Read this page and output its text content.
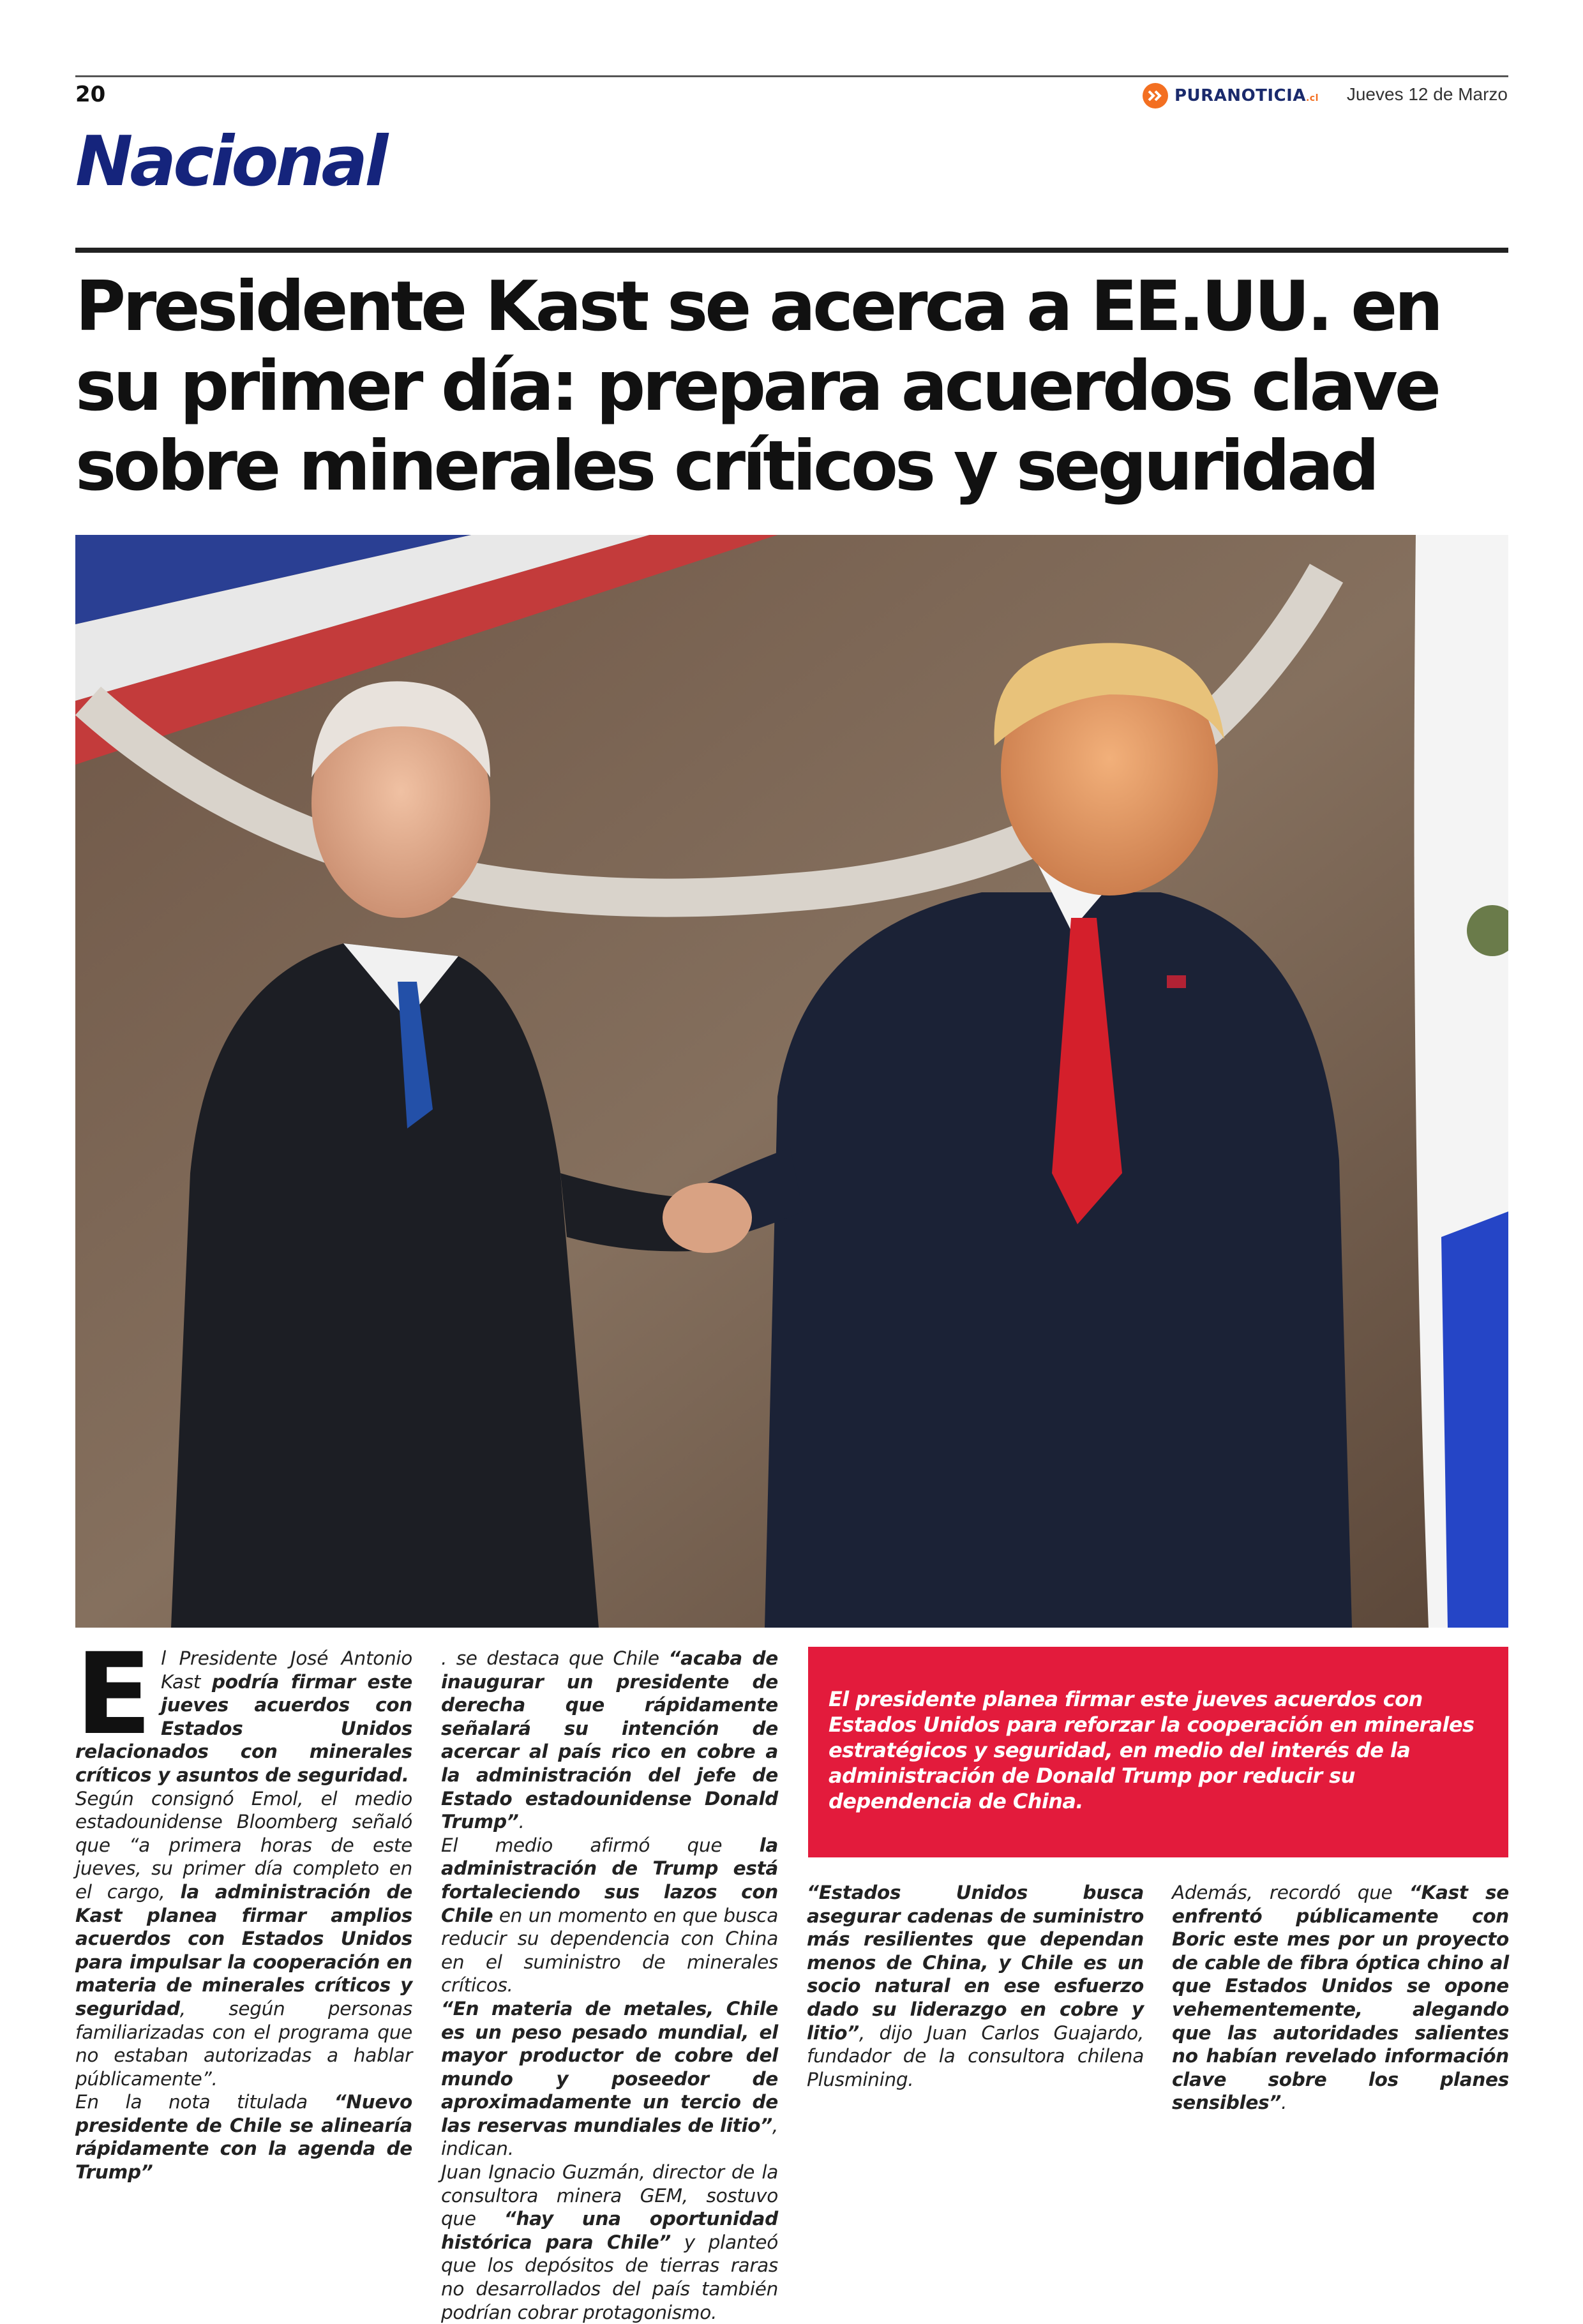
20	PURANOTICIA.cl Jueves 12 de Marzo
Nacional
Presidente Kast se acerca a EE.UU. en
su primer día: prepara acuerdos clave
sobre minerales críticos y seguridad

El Presidente José Antonio Kast podría firmar este jueves acuerdos con Estados Unidos relacionados con minerales críticos y asuntos de seguridad.

Según consignó Emol, el medio estadounidense Bloomberg señaló que “a primera horas de este jueves, su primer día completo en el cargo, la administración de Kast planea firmar amplios acuerdos con Estados Unidos para impulsar la cooperación en materia de minerales críticos y seguridad, según personas familiarizadas con el programa que no estaban autorizadas a hablar públicamente”.

En la nota titulada “Nuevo presidente de Chile se alinearía rápidamente con la agenda de Trump”

El presidente planea firmar este jueves acuerdos con Estados Unidos para reforzar la cooperación en minerales estratégicos y seguridad, en medio del interés de la administración de Donald Trump por reducir su dependencia de China.

. se destaca que Chile “acaba de inaugurar un presidente de derecha que rápidamente señalará su intención de acercar al país rico en cobre a la administración del jefe de Estado estadounidense Donald Trump”.

El medio afirmó que la administración de Trump está fortaleciendo sus lazos con Chile en un momento en que busca reducir su dependencia con China en el suministro de minerales críticos.

“En materia de metales, Chile es un peso pesado mundial, el mayor productor de cobre del mundo y poseedor de aproximadamente un tercio de las reservas mundiales de litio”, indican.

Juan Ignacio Guzmán, director de la consultora minera GEM, sostuvo que “hay una oportunidad histórica para Chile” y planteó que los depósitos de tierras raras no desarrollados del país también podrían cobrar protagonismo.

“Estados Unidos busca asegurar cadenas de suministro más resilientes que dependan menos de China, y Chile es un socio natural en ese esfuerzo dado su liderazgo en cobre y litio”, dijo Juan Carlos Guajardo, fundador de la consultora chilena Plusmining.

Además, recordó que “Kast se enfrentó públicamente con Boric este mes por un proyecto de cable de fibra óptica chino al que Estados Unidos se opone vehementemente, alegando que las autoridades salientes no habían revelado información clave sobre los planes sensibles”.
